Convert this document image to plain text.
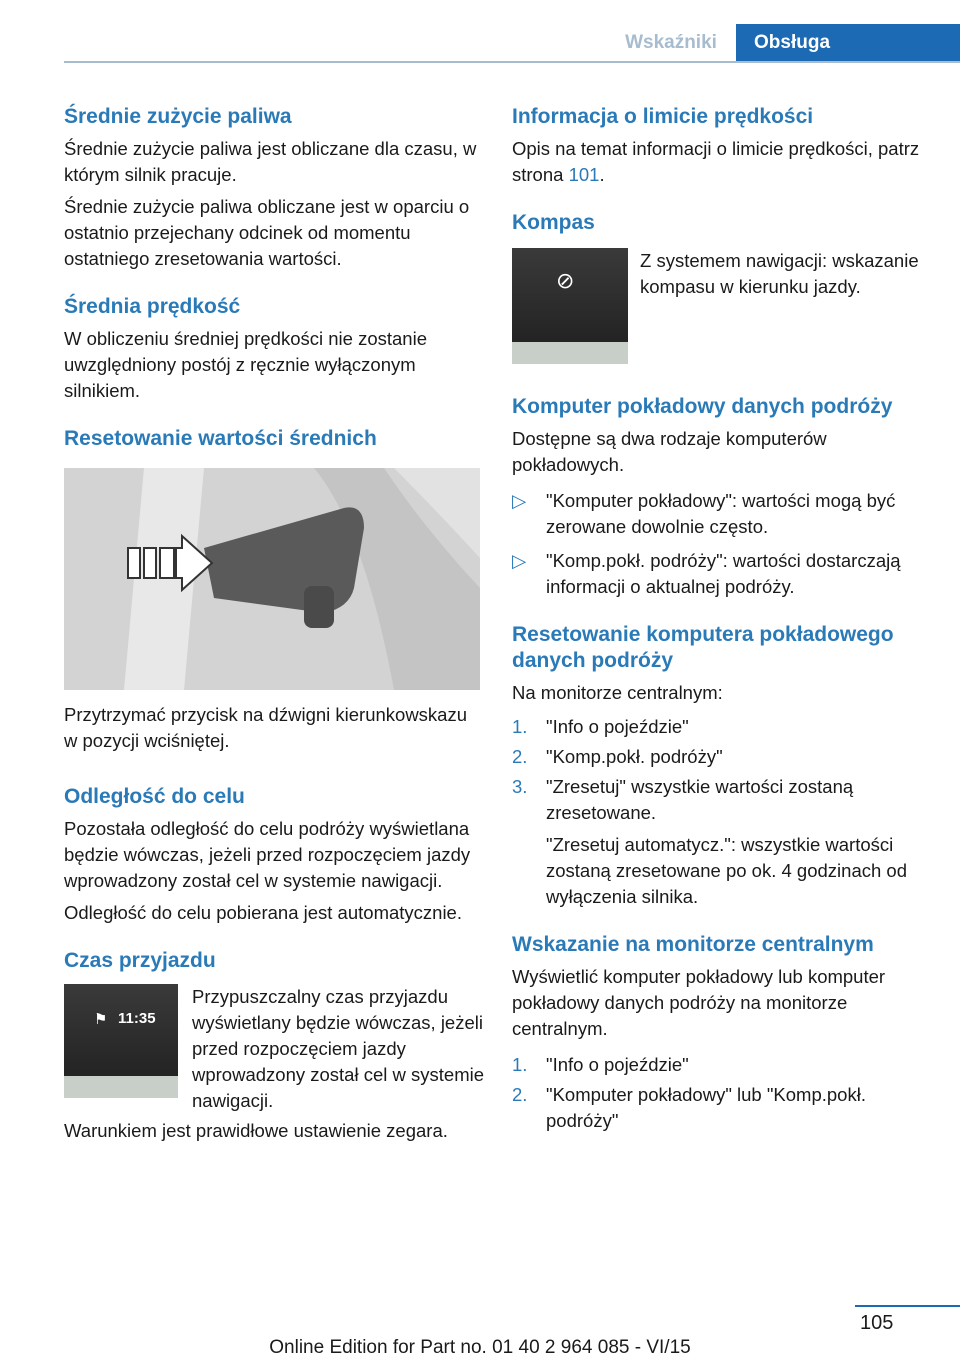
Wskaźniki	Obsługa
Średnie zużycie paliwa

Średnie zużycie paliwa jest obliczane dla czasu, w którym silnik pracuje.

Średnie zużycie paliwa obliczane jest w oparciu o ostatnio przejechany odcinek od momentu ostatniego zresetowania wartości.

Średnia prędkość

W obliczeniu średniej prędkości nie zostanie uwzględniony postój z ręcznie wyłączonym silnikiem.

Resetowanie wartości średnich

Przytrzymać przycisk na dźwigni kierunkowskazu w pozycji wciśniętej.

Odległość do celu

Pozostała odległość do celu podróży wyświetlana będzie wówczas, jeżeli przed rozpoczęciem jazdy wprowadzony został cel w systemie nawigacji.

Odległość do celu pobierana jest automatycznie.

Czas przyjazdu
⚑ 11:35

Przypuszczalny czas przyjazdu wyświetlany będzie wówczas, jeżeli przed rozpoczęciem jazdy wprowadzony został cel w systemie nawigacji.

Warunkiem jest prawidłowe ustawienie zegara.

Informacja o limicie prędkości

Opis na temat informacji o limicie prędkości, patrz strona 101.

Kompas
⊘

Z systemem nawigacji: wskazanie kompasu w kierunku jazdy.

Komputer pokładowy danych podróży

Dostępne są dwa rodzaje komputerów pokładowych.

▷ "Komputer pokładowy": wartości mogą być zerowane dowolnie często.
▷ "Komp.pokł. podróży": wartości dostarczają informacji o aktualnej podróży.
Resetowanie komputera pokładowego danych podróży

Na monitorze centralnym:

1. "Info o pojeździe"
2. "Komp.pokł. podróży"
3. "Zresetuj" wszystkie wartości zostaną zresetowane.

"Zresetuj automatycz.": wszystkie wartości zostaną zresetowane po ok. 4 godzinach od wyłączenia silnika.

Wskazanie na monitorze centralnym

Wyświetlić komputer pokładowy lub komputer pokładowy danych podróży na monitorze centralnym.

1. "Info o pojeździe"
2. "Komputer pokładowy" lub "Komp.pokł. podróży"
105
Online Edition for Part no. 01 40 2 964 085 - VI/15
